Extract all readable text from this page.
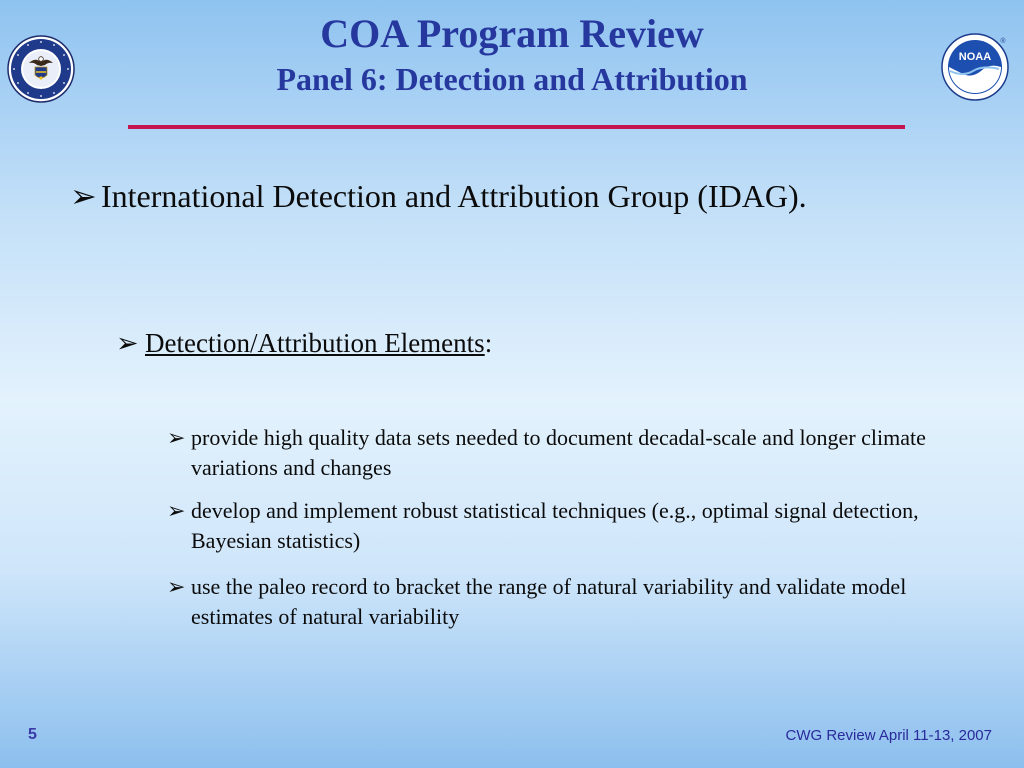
NOAA
®
COA Program Review
Panel 6: Detection and Attribution
➢ International Detection and Attribution Group (IDAG).
➢ Detection/Attribution Elements:
➢ provide high quality data sets needed to document decadal-scale and longer climate variations and changes
➢ develop and implement robust statistical techniques (e.g., optimal signal detection, Bayesian statistics)
➢ use the paleo record to bracket the range of natural variability and validate model estimates of natural variability
5	CWG Review April 11-13, 2007
